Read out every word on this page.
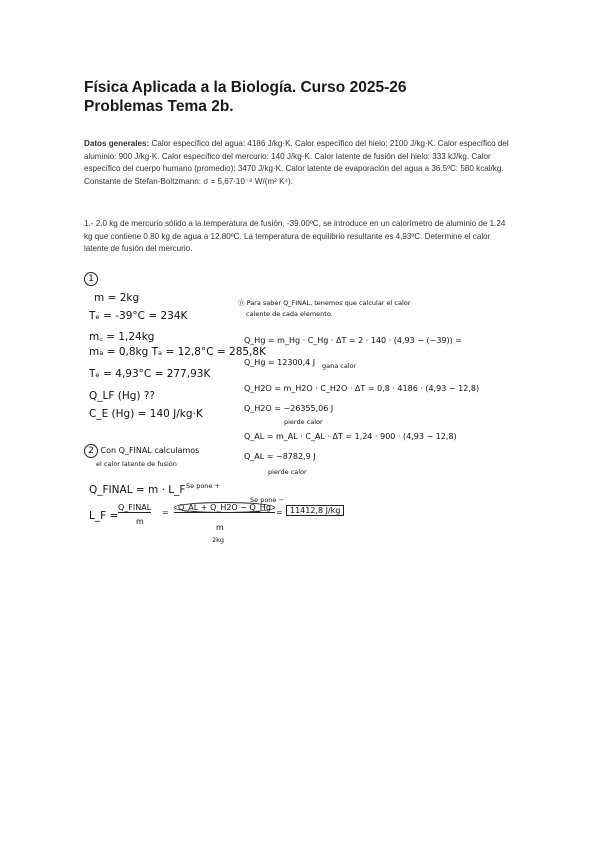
Física Aplicada a la Biología. Curso 2025-26
Problemas Tema 2b.
Datos generales: Calor específico del agua: 4186 J/kg·K. Calor específico del hielo: 2100 J/kg·K. Calor específico del aluminio: 900 J/kg·K. Calor específico del mercurio: 140 J/kg·K. Calor latente de fusión del hielo: 333 kJ/kg. Calor específico del cuerpo humano (promedio): 3470 J/kg·K. Calor latente de evaporación del agua a 36.5ºC: 580 kcal/kg. Constante de Stefan-Boltzmann: σ = 5,67·10⁻⁸ W/(m² K⁴).
1.- 2.0 kg de mercurio sólido a la temperatura de fusión, -39.00ºC, se introduce en un calorímetro de aluminio de 1.24 kg que contiene 0.80 kg de agua a 12.80ºC. La temperatura de equilibrio resultante es 4,93ºC. Determine el calor latente de fusión del mercurio.

1
m = 2kg
Tₑ = -39°C = 234K
m꜀ = 1,24kg
mₐ = 0,8kg Tₐ = 12,8°C = 285,8K
Tₑ = 4,93°C = 277,93K
Q_LF (Hg) ??
C_E (Hg) = 140 J/kg·K
2 Con Q_FINAL calculamos
el calor latente de fusión
Q_FINAL = m · L_F Se pone +
Se pone −
L_F =
Q_FINAL
m
=
Q_AL + Q_H2O − Q_Hg
= 11412,8 J/kg
m
2kg
⓪ Para saber Q_FINAL, tenemos que calcular el calor
calente de cada elemento.
Q_Hg = m_Hg · C_Hg · ΔT = 2 · 140 · (4,93 − (−39)) =
Q_Hg = 12300,4 J gana calor
Q_H2O = m_H2O · C_H2O · ΔT = 0,8 · 4186 · (4,93 − 12,8)
Q_H2O = −26355,06 J
pierde calor
Q_AL = m_AL · C_AL · ΔT = 1,24 · 900 · (4,93 − 12,8)
Q_AL = −8782,9 J
pierde calor
